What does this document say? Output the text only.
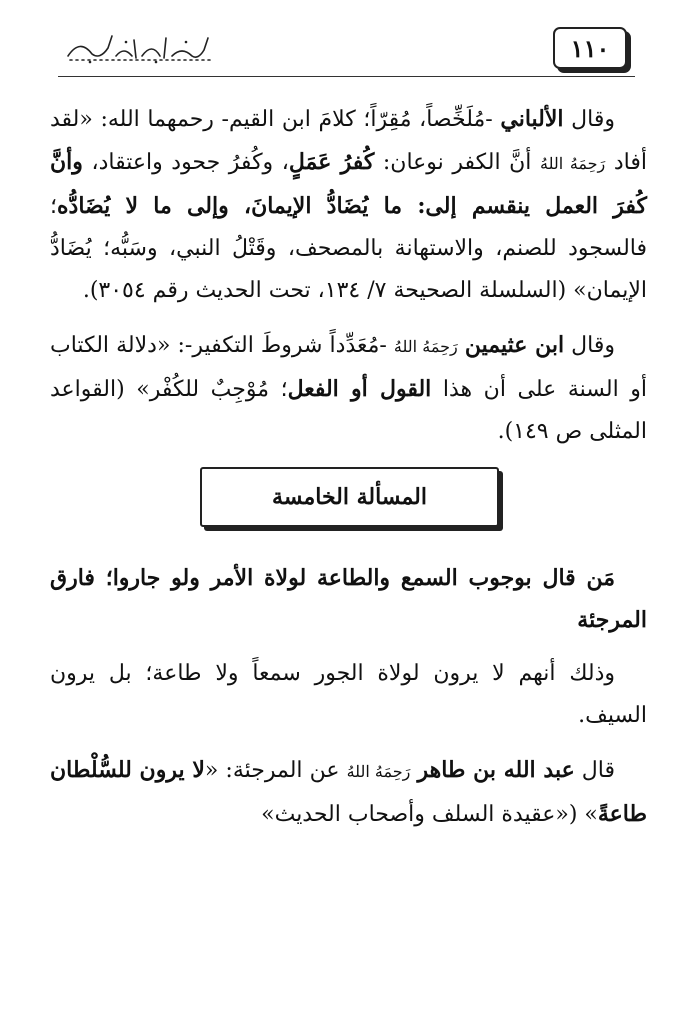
١١٠

وقال الألباني -مُلَخِّصاً، مُقِرّاً؛ كلامَ ابن القيم- رحمهما الله: «لقد أفاد رَحِمَهُ اللهُ أنَّ الكفر نوعان: كُفرُ عَمَلٍ، وكُفرُ جحود واعتقاد، وأنَّ كُفرَ العمل ينقسم إلى: ما يُضَادُّ الإيمانَ، وإلى ما لا يُضَادُّه؛ فالسجود للصنم، والاستهانة بالمصحف، وقَتْلُ النبي، وسَبُّه؛ يُضَادُّ الإيمان» (السلسلة الصحيحة ٧/ ١٣٤، تحت الحديث رقم ٣٠٥٤).

وقال ابن عثيمين رَحِمَهُ اللهُ -مُعَدِّداً شروطَ التكفير-: «دلالة الكتاب أو السنة على أن هذا القول أو الفعل؛ مُوْجِبٌ للكُفْر» (القواعد المثلى ص ١٤٩).

المسألة الخامسة

مَن قال بوجوب السمع والطاعة لولاة الأمر ولو جاروا؛ فارق المرجئة

وذلك أنهم لا يرون لولاة الجور سمعاً ولا طاعة؛ بل يرون السيف.

قال عبد الله بن طاهر رَحِمَهُ اللهُ عن المرجئة: «لا يرون للسُّلْطان طاعةً» («عقيدة السلف وأصحاب الحديث»
